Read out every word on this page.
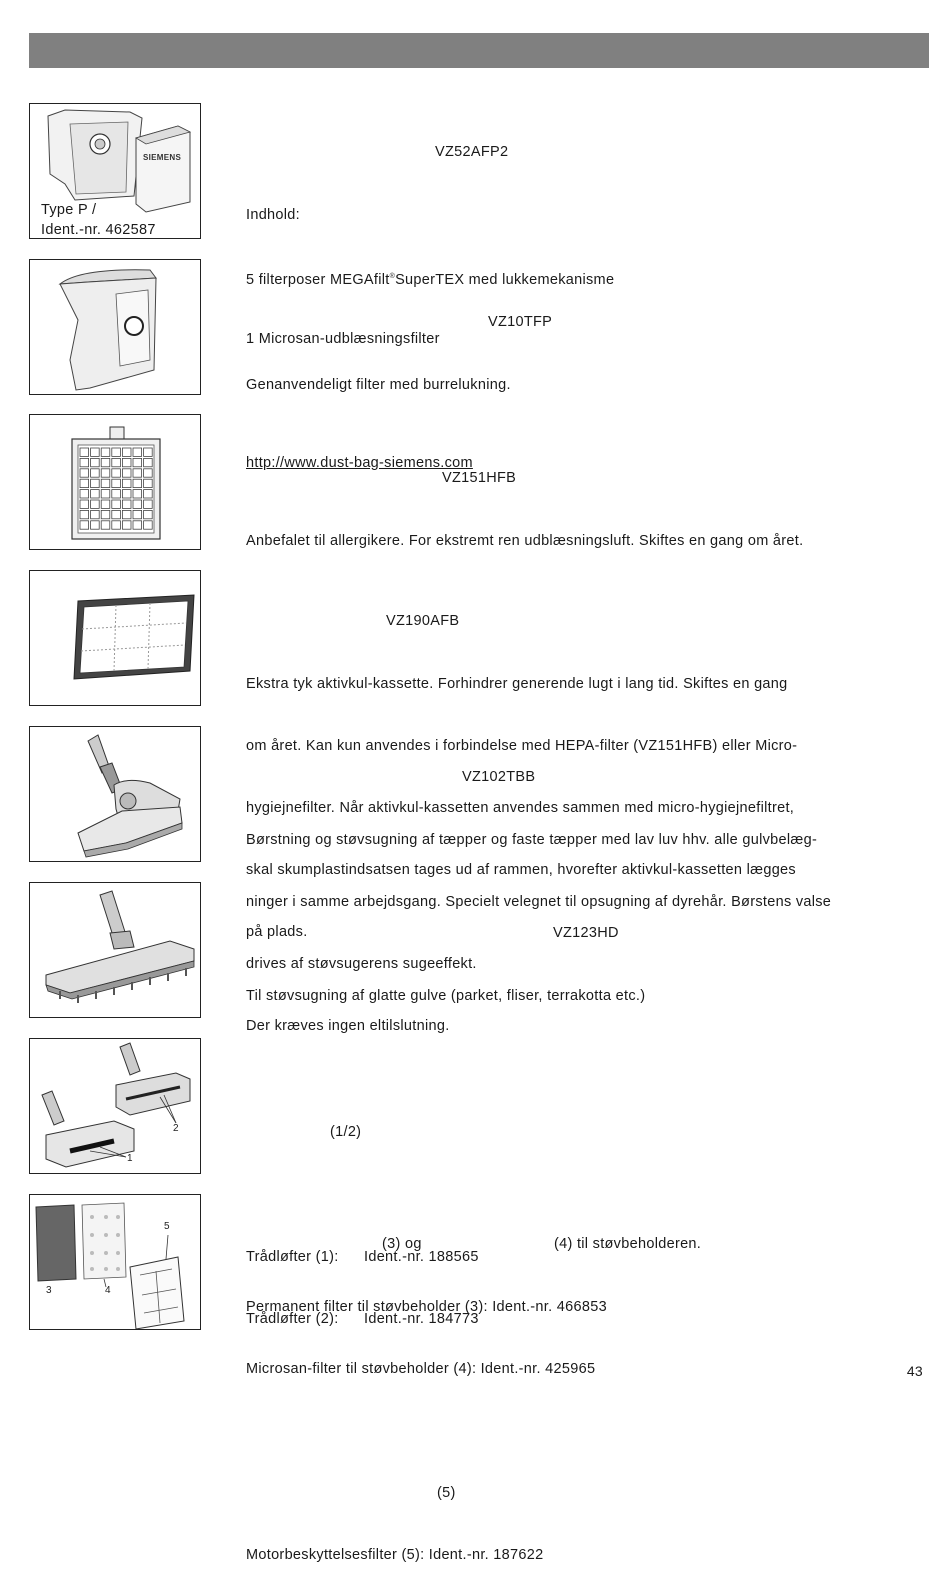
SIEMENS
Type P /
Ident.-nr. 462587

VZ52AFP2

Indhold:

5 filterposer MEGAfilt®SuperTEX med lukkemekanisme

1 Microsan-udblæsningsfilter

http://www.dust-bag-siemens.com

VZ10TFP

Genanvendeligt filter med burrelukning.

VZ151HFB

Anbefalet til allergikere. For ekstremt ren udblæsningsluft. Skiftes en gang om året.

VZ190AFB

Ekstra tyk aktivkul-kassette. Forhindrer generende lugt i lang tid. Skiftes en gang

om året. Kan kun anvendes i forbindelse med HEPA-filter (VZ151HFB) eller Micro-

hygiejnefilter. Når aktivkul-kassetten anvendes sammen med micro-hygiejnefiltret,

skal skumplastindsatsen tages ud af rammen, hvorefter aktivkul-kassetten lægges

på plads.

VZ102TBB

Børstning og støvsugning af tæpper og faste tæpper med lav luv hhv. alle gulvbelæg-

ninger i samme arbejdsgang. Specielt velegnet til opsugning af dyrehår. Børstens valse

drives af støvsugerens sugeeffekt.

Der kræves ingen eltilslutning.

VZ123HD

Til støvsugning af glatte gulve (parket, fliser, terrakotta etc.)

2
1

(1/2)

Trådløfter (1): Ident.-nr. 188565

Trådløfter (2): Ident.-nr. 184773

3	4
5

(3) og	(4) til støvbeholderen.

Permanent filter til støvbeholder (3): Ident.-nr. 466853

Microsan-filter til støvbeholder (4): Ident.-nr. 425965

(5)

Motorbeskyttelsesfilter (5): Ident.-nr. 187622

43
